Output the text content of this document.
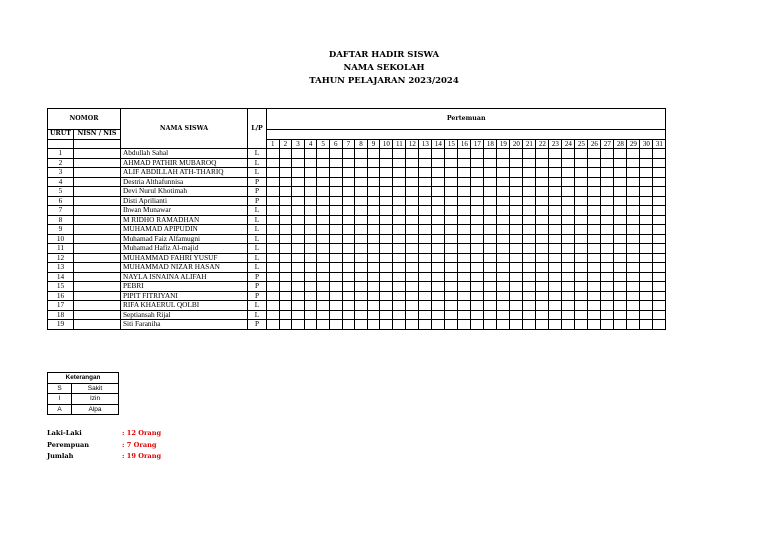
DAFTAR HADIR SISWA
NAMA SEKOLAH
TAHUN PELAJARAN 2023/2024
NOMOR		NAMA SISWA	L/P	Pertemuan																														
URUT	NISN / NIS																																	
				1	2	3	4	5	6	7	8	9	10	11	12	13	14	15	16	17	18	19	20	21	22	23	24	25	26	27	28	29	30	31
1		Abdullah Sahal	L																															
2		AHMAD PATHIR MUBAROQ	L																															
3		ALIF ABDILLAH ATH-THARIQ	L																															
4		Destria Althafunnisa	P																															
5		Devi Nurul Khotimah	P																															
6		Disti Aprilianti	P																															
7		Ihwan Munawar	L																															
8		M RIDHO RAMADHAN	L																															
9		MUHAMAD APIPUDIN	L																															
10		Muhamad Faiz Alfamugni	L																															
11		Muhamad Hafiz Al-majid	L																															
12		MUHAMMAD FAHRI YUSUF	L																															
13		MUHAMMAD NIZAR HASAN	L																															
14		NAYLA ISNAINA ALIFAH	P																															
15		PEBRI	P																															
16		PIPIT FITRIYANI	P																															
17		RIFA KHAERUL QOLBI	L																															
18		Septiansah Rijal	L																															
19		Siti Faraniha	P																															
Keterangan	
S	Sakit
I	Izin
A	Alpa
Laki-Laki	: 12 Orang
Perempuan	: 7 Orang
Jumlah	: 19 Orang
